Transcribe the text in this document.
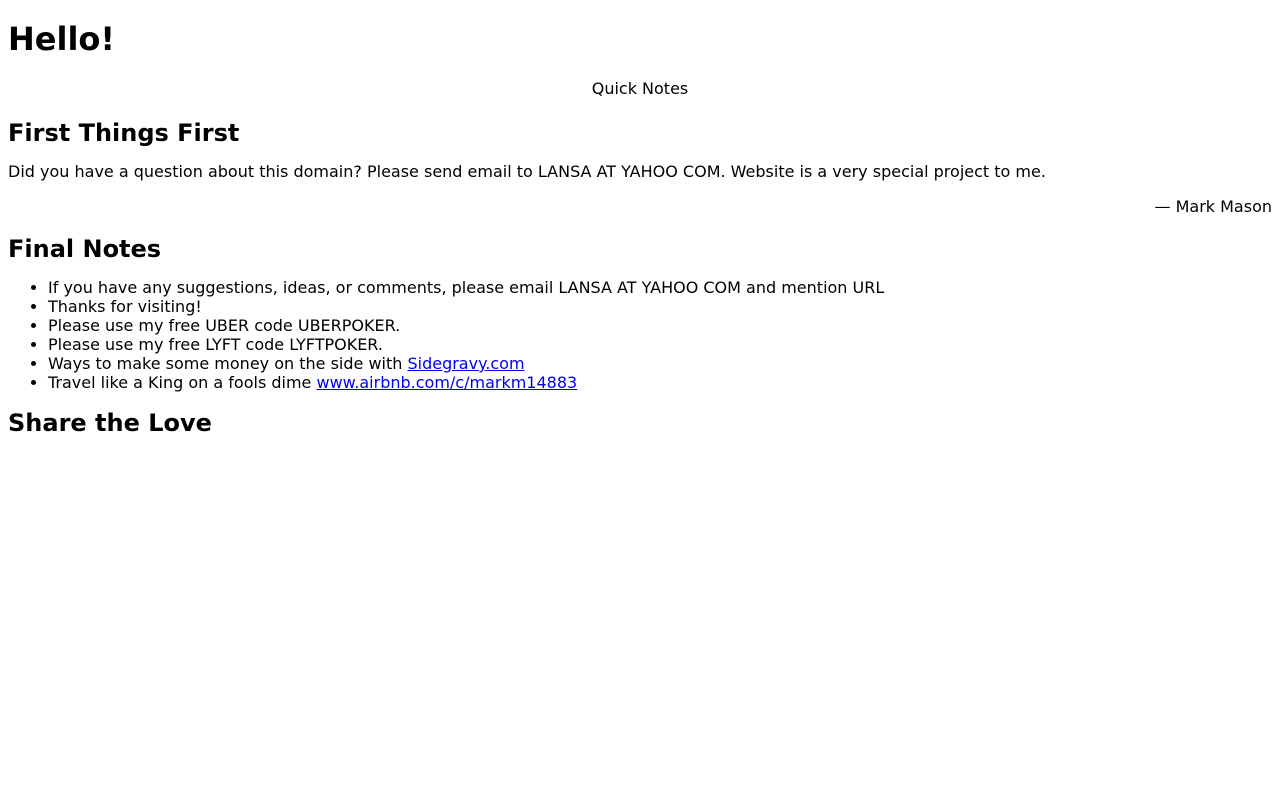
Hello!
Quick Notes
First Things First

Did you have a question about this domain? Please send email to LANSA AT YAHOO COM. Website is a very special project to me.

— Mark Mason
Final Notes
• If you have any suggestions, ideas, or comments, please email LANSA AT YAHOO COM and mention URL
• Thanks for visiting!
• Please use my free UBER code UBERPOKER.
• Please use my free LYFT code LYFTPOKER.
• Ways to make some money on the side with Sidegravy.com
• Travel like a King on a fools dime www.airbnb.com/c/markm14883
Share the Love
